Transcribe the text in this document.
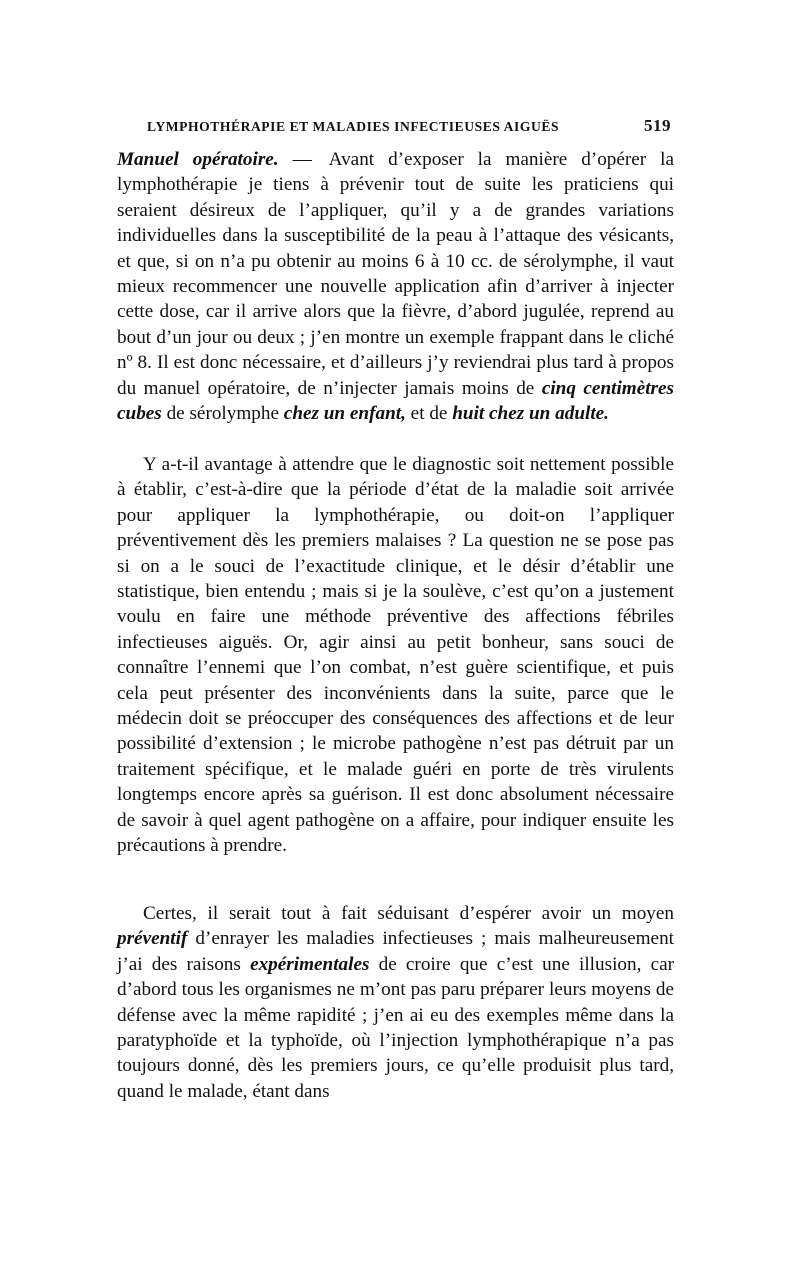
LYMPHOTHÉRAPIE ET MALADIES INFECTIEUSES AIGUËS	519

Manuel opératoire. — Avant d’exposer la manière d’opérer la lymphothérapie je tiens à prévenir tout de suite les praticiens qui seraient désireux de l’appliquer, qu’il y a de grandes variations individuelles dans la susceptibilité de la peau à l’attaque des vésicants, et que, si on n’a pu obtenir au moins 6 à 10 cc. de sérolymphe, il vaut mieux recommencer une nouvelle application afin d’arriver à injecter cette dose, car il arrive alors que la fièvre, d’abord jugulée, reprend au bout d’un jour ou deux ; j’en montre un exemple frappant dans le cliché nº 8. Il est donc nécessaire, et d’ailleurs j’y reviendrai plus tard à propos du manuel opératoire, de n’injecter jamais moins de cinq centimètres cubes de sérolymphe chez un enfant, et de huit chez un adulte.

Y a-t-il avantage à attendre que le diagnostic soit nettement possible à établir, c’est-à-dire que la période d’état de la maladie soit arrivée pour appliquer la lymphothérapie, ou doit-on l’appliquer préventivement dès les premiers malaises ? La question ne se pose pas si on a le souci de l’exactitude clinique, et le désir d’établir une statistique, bien entendu ; mais si je la soulève, c’est qu’on a justement voulu en faire une méthode préventive des affections fébriles infectieuses aiguës. Or, agir ainsi au petit bonheur, sans souci de connaître l’ennemi que l’on combat, n’est guère scientifique, et puis cela peut présenter des inconvénients dans la suite, parce que le médecin doit se préoccuper des conséquences des affections et de leur possibilité d’extension ; le microbe pathogène n’est pas détruit par un traitement spécifique, et le malade guéri en porte de très virulents longtemps encore après sa guérison. Il est donc absolument nécessaire de savoir à quel agent pathogène on a affaire, pour indiquer ensuite les précautions à prendre.

Certes, il serait tout à fait séduisant d’espérer avoir un moyen préventif d’enrayer les maladies infectieuses ; mais malheureusement j’ai des raisons expérimentales de croire que c’est une illusion, car d’abord tous les organismes ne m’ont pas paru préparer leurs moyens de défense avec la même rapidité ; j’en ai eu des exemples même dans la paratyphoïde et la typhoïde, où l’injection lymphothérapique n’a pas toujours donné, dès les premiers jours, ce qu’elle produisit plus tard, quand le malade, étant dans
